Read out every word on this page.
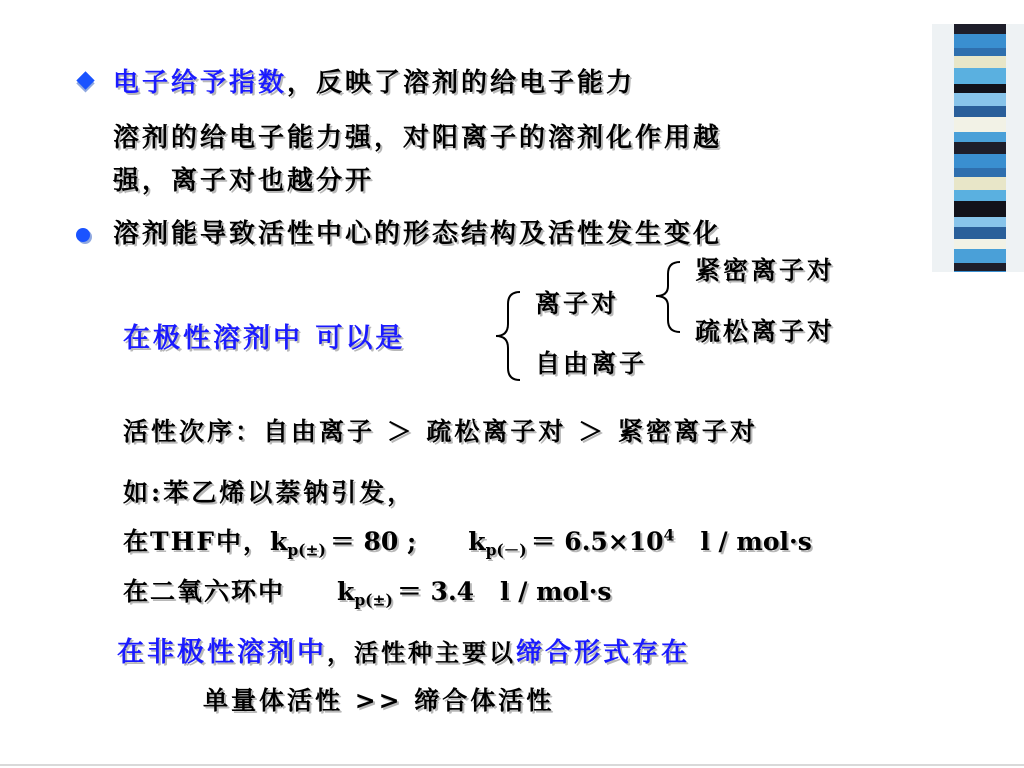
电子给予指数，反映了溶剂的给电子能力
溶剂的给电子能力强，对阳离子的溶剂化作用越
强，离子对也越分开
溶剂能导致活性中心的形态结构及活性发生变化
在极性溶剂中 可以是
离子对
自由离子
紧密离子对
疏松离子对
活性次序：自由离子 ＞ 疏松离子对 ＞ 紧密离子对
如:苯乙烯以萘钠引发，
在THF中，$k_{p(\pm)} = 80$ ; $k_{p(-)} = 6.5\times 10^4$ l / mol·s
在二氧六环中 $k_{p(\pm)} = 3.4$ l / mol·s
在非极性溶剂中，活性种主要以缔合形式存在
单量体活性 >> 缔合体活性
